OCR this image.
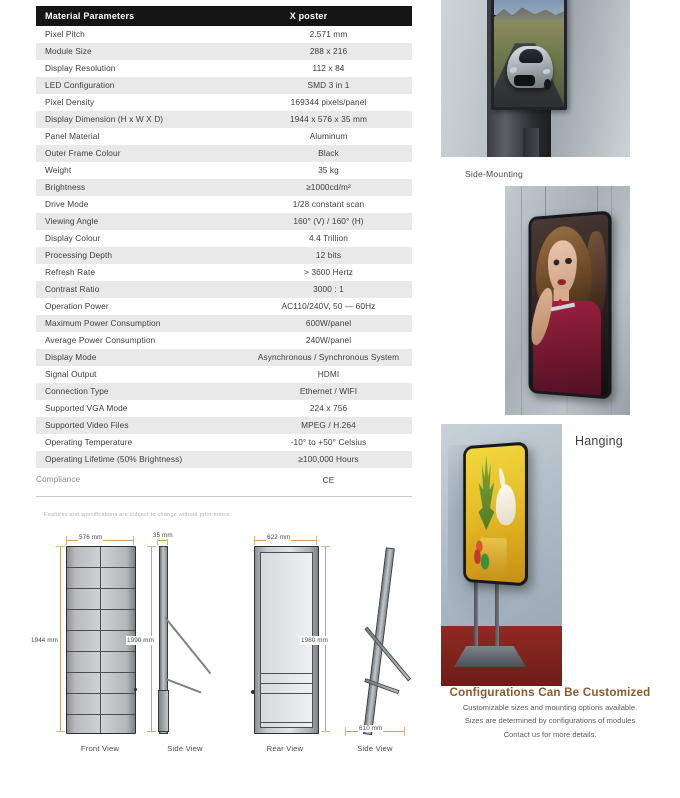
Material Parameters	X poster
Pixel Pitch	2.571 mm
Module Size	288 x 216
Display Resolution	112 x 84
LED Configuration	SMD 3 in 1
Pixel Density	169344 pixels/panel
Display Dimension (H x W X D)	1944 x 576 x 35 mm
Panel Material	Aluminum
Outer Frame Colour	Black
Weight	35 kg
Brightness	≥1000cd/m²
Drive Mode	1/28 constant scan
Viewing Angle	160° (V) / 160° (H)
Display Colour	4.4 Trillion
Processing Depth	12 bits
Refresh Rate	> 3600 Hertz
Contrast Ratio	3000 : 1
Operation Power	AC110/240V, 50 — 60Hz
Maximum Power Consumption	600W/panel
Average Power Consumption	240W/panel
Display Mode	Asynchronous / Synchronous System
Signal Output	HDMI
Connection Type	Ethernet / WIFI
Supported VGA Mode	224 x 756
Supported Video Files	MPEG / H.264
Operating Temperature	-10° to +50° Celsius
Operating Lifetime (50% Brightness)	≥100,000 Hours
Compliance	CE
Features and specifications are subject to change without prior notice.
Side-Mounting
Hanging
Configurations Can Be Customized

Customizable sizes and mounting options available.

Sizes are determined by configurations of modules

Contact us for more details.

576 mm
1944 mm
Front View
35 mm
1990 mm
Side View
622 mm
Rear View
1980 mm
610 mm
Side View
